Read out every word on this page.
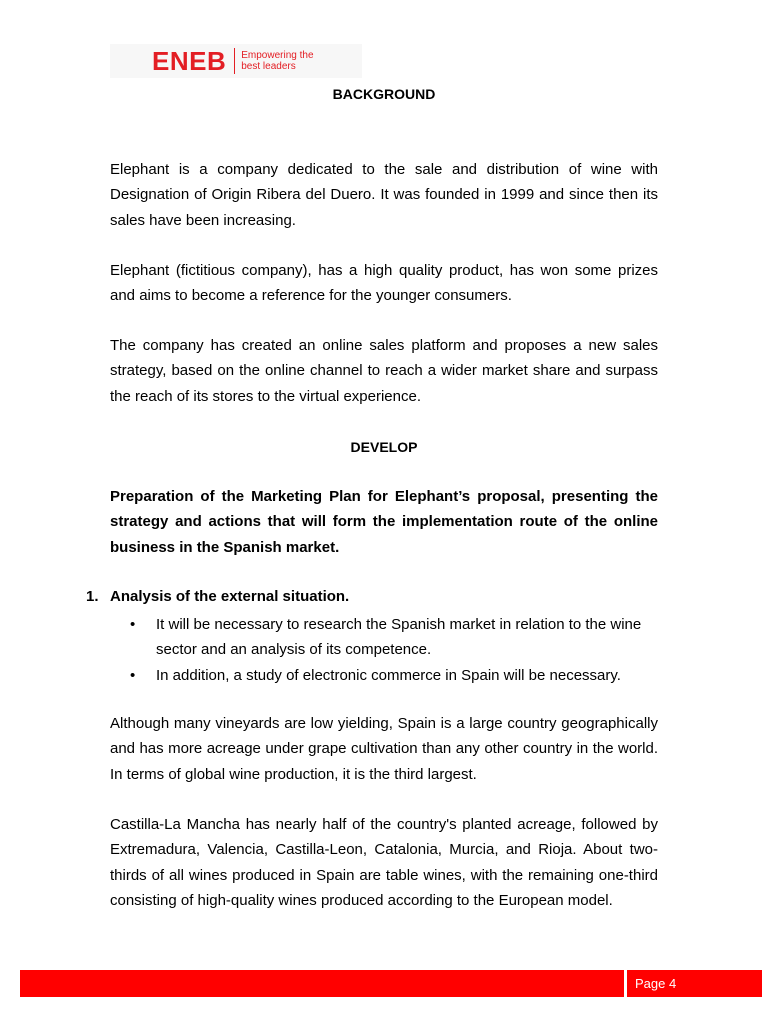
ENEB Empowering the
best leaders
BACKGROUND
Elephant is a company dedicated to the sale and distribution of wine with Designation of Origin Ribera del Duero. It was founded in 1999 and since then its sales have been increasing.
Elephant (fictitious company), has a high quality product, has won some prizes and aims to become a reference for the younger consumers.
The company has created an online sales platform and proposes a new sales strategy, based on the online channel to reach a wider market share and surpass the reach of its stores to the virtual experience.
DEVELOP
Preparation of the Marketing Plan for Elephant’s proposal, presenting the strategy and actions that will form the implementation route of the online business in the Spanish market.
1. Analysis of the external situation.
•	It will be necessary to research the Spanish market in relation to the wine sector and an analysis of its competence.
•	In addition, a study of electronic commerce in Spain will be necessary.
Although many vineyards are low yielding, Spain is a large country geographically and has more acreage under grape cultivation than any other country in the world. In terms of global wine production, it is the third largest.
Castilla-La Mancha has nearly half of the country's planted acreage, followed by Extremadura, Valencia, Castilla-Leon, Catalonia, Murcia, and Rioja. About two-thirds of all wines produced in Spain are table wines, with the remaining one-third consisting of high-quality wines produced according to the European model.
Page 4
